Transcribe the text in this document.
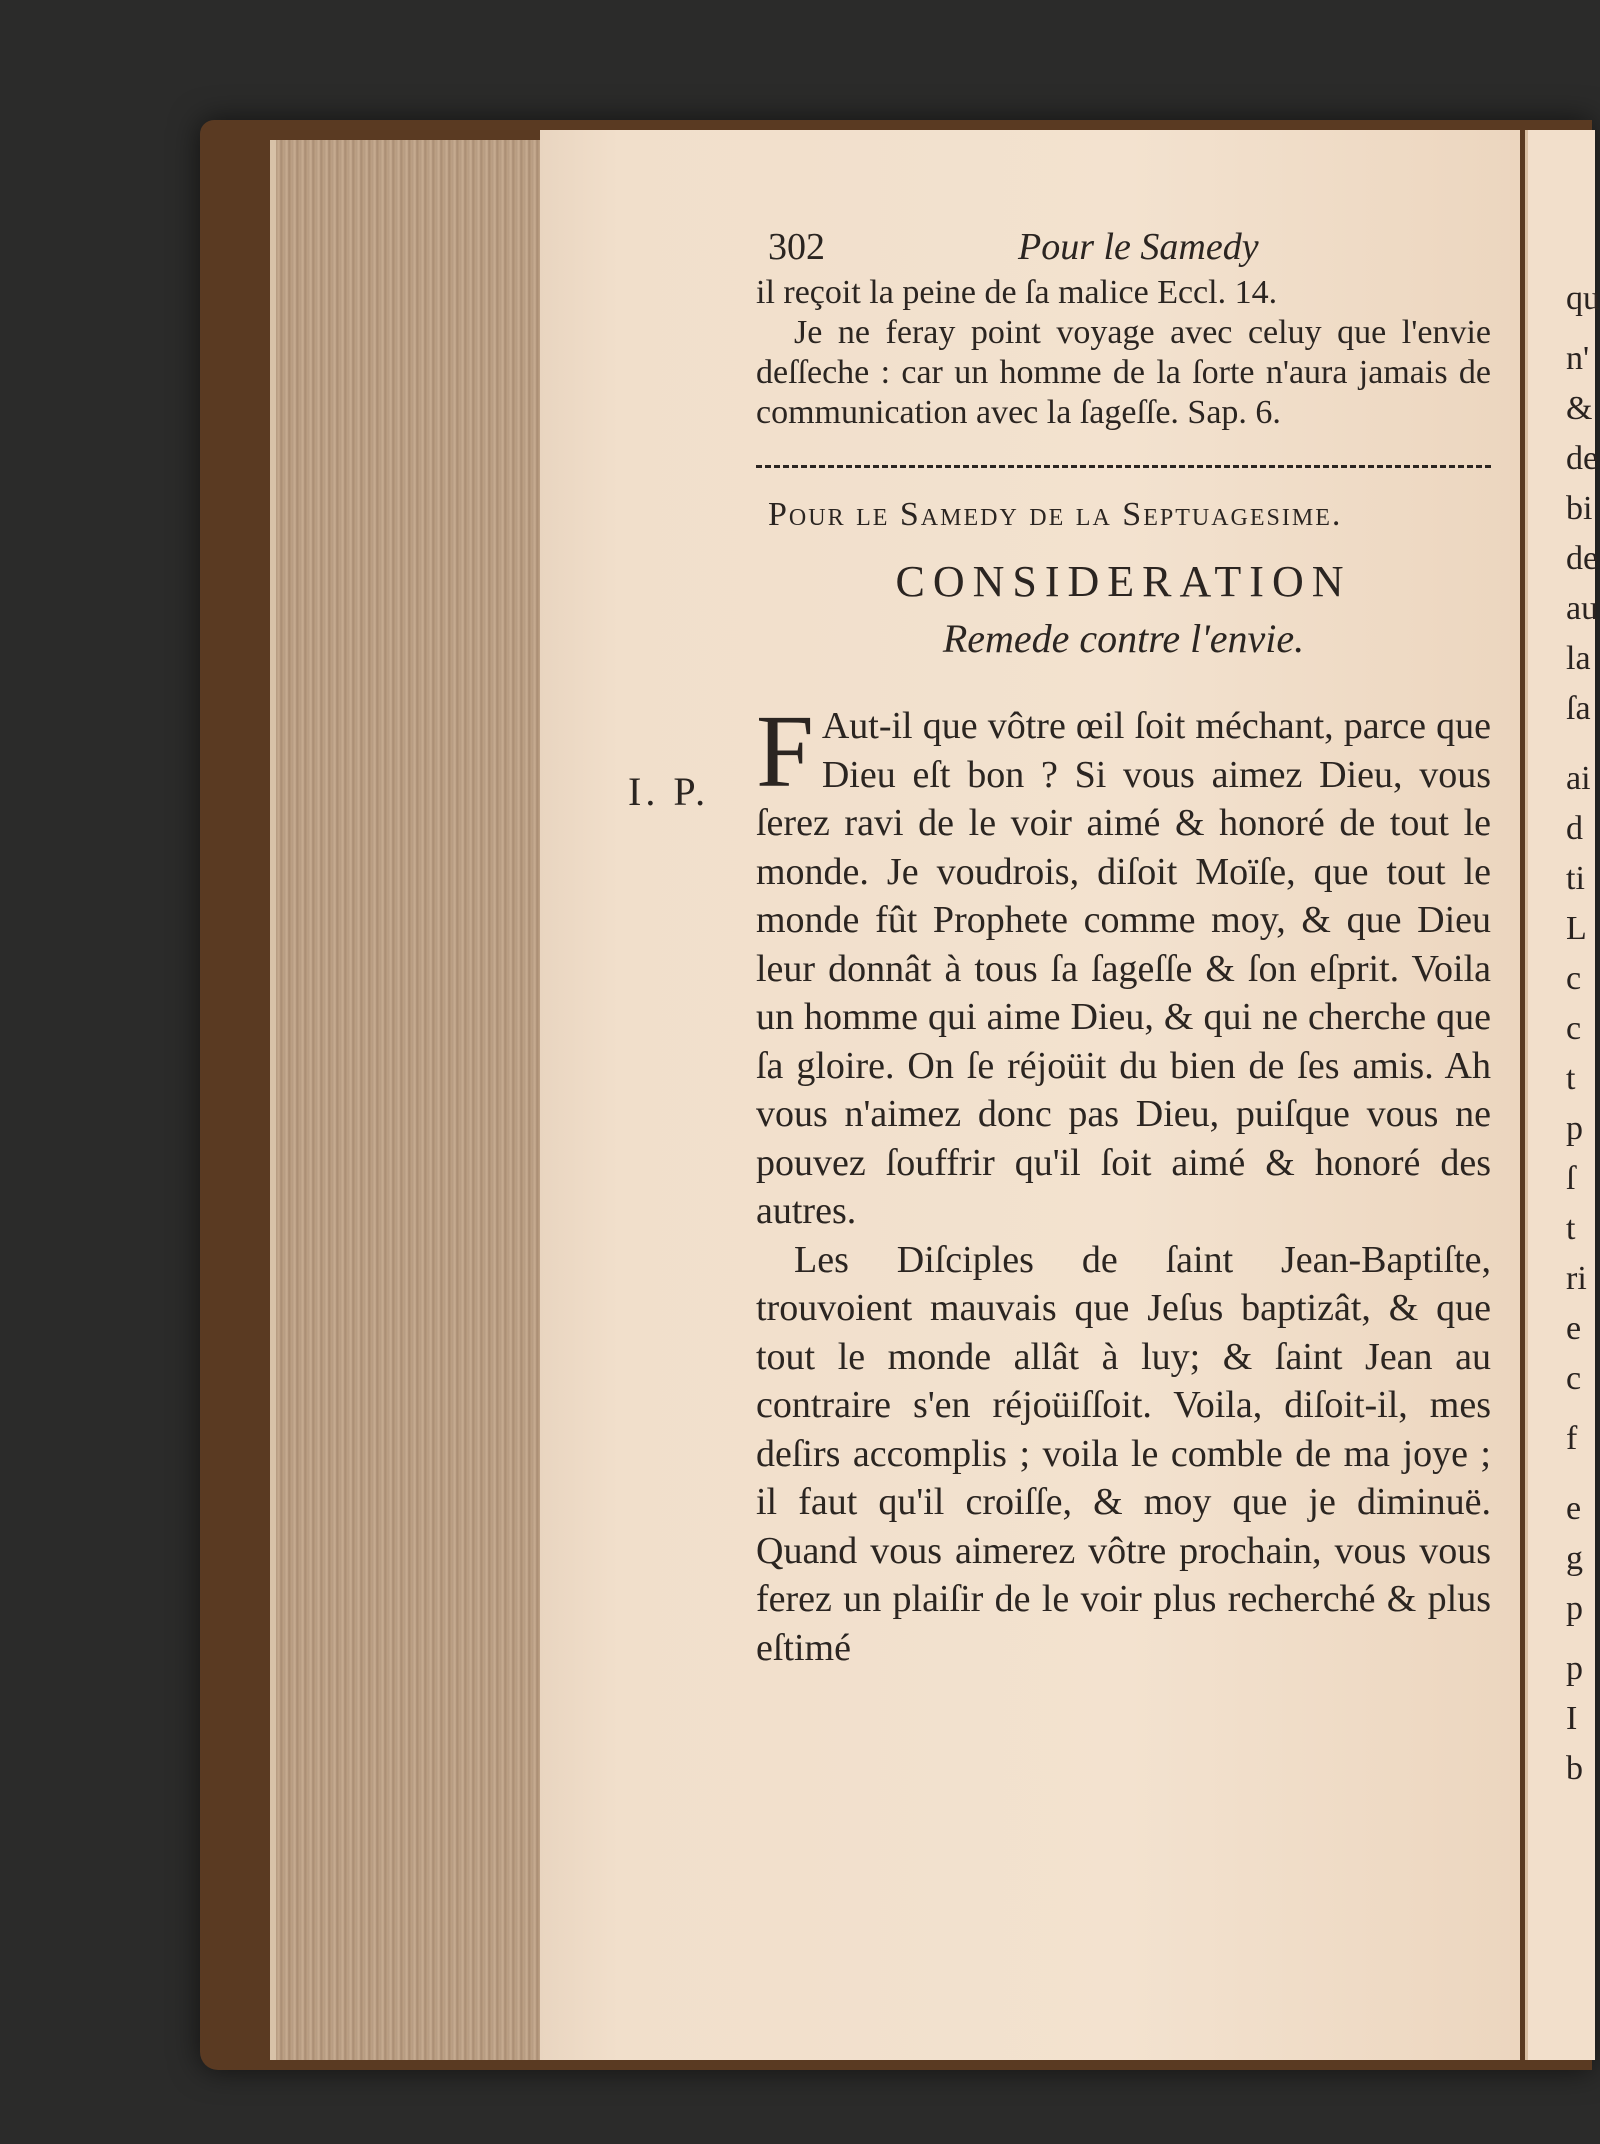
qu
n'
&
de
bi
de
au
la
ſa
ai
d
ti
L
c
c
t
p
ſ
t
ri
e
c
f
e
g
p
p
I
b
I. P.
302	Pour le Samedy

il reçoit la peine de ſa malice Eccl. 14.

Je ne feray point voyage avec celuy que l'envie deſſeche : car un homme de la ſorte n'aura jamais de communication avec la ſageſſe. Sap. 6.

Pour le Samedy de la Septuagesime.
CONSIDERATION
Remede contre l'envie.

F Aut-il que vôtre œil ſoit méchant, parce que Dieu eſt bon ? Si vous aimez Dieu, vous ſerez ravi de le voir aimé & honoré de tout le monde. Je voudrois, diſoit Moïſe, que tout le monde fût Prophete comme moy, & que Dieu leur donnât à tous ſa ſageſſe & ſon eſprit. Voila un homme qui aime Dieu, & qui ne cherche que ſa gloire. On ſe réjoüit du bien de ſes amis. Ah vous n'aimez donc pas Dieu, puiſque vous ne pouvez ſouffrir qu'il ſoit aimé & honoré des autres.

Les Diſciples de ſaint Jean-Baptiſte, trouvoient mauvais que Jeſus baptizât, & que tout le monde allât à luy; & ſaint Jean au contraire s'en réjoüiſſoit. Voila, diſoit-il, mes deſirs accomplis ; voila le comble de ma joye ; il faut qu'il croiſſe, & moy que je diminuë. Quand vous aimerez vôtre prochain, vous vous ferez un plaiſir de le voir plus recherché & plus eſtimé
